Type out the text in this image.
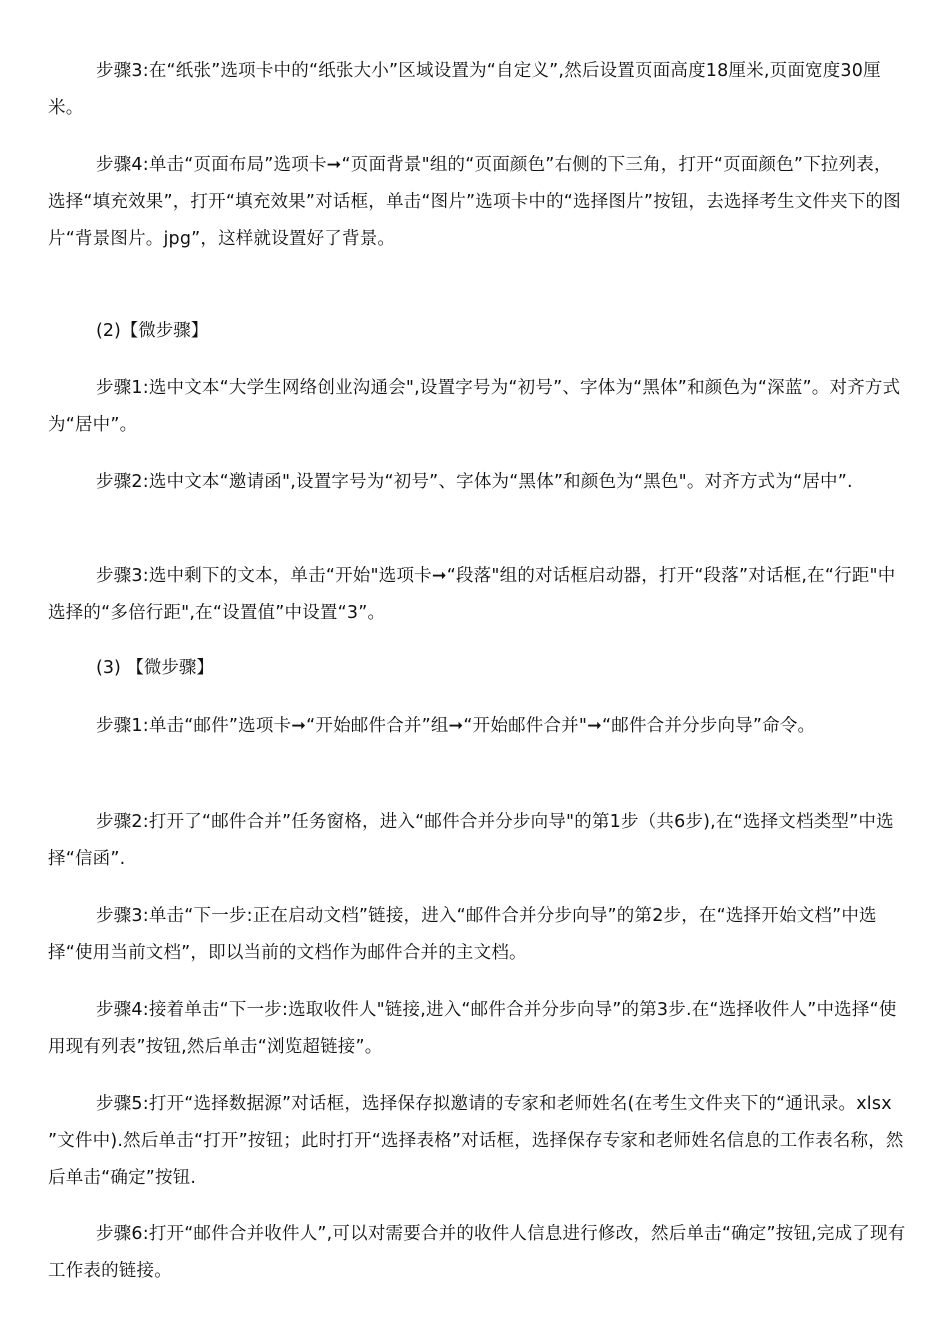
步骤3:在“纸张”选项卡中的“纸张大小”区域设置为“自定义”,然后设置页面高度18厘米,页面宽度30厘米。

步骤4:单击“页面布局”选项卡➞“页面背景"组的“页面颜色”右侧的下三角，打开“页面颜色”下拉列表，选择“填充效果”，打开“填充效果”对话框，单击“图片”选项卡中的“选择图片”按钮，去选择考生文件夹下的图片“背景图片。jpg”，这样就设置好了背景。

(2)【微步骤】

步骤1:选中文本“大学生网络创业沟通会",设置字号为“初号”、字体为“黑体”和颜色为“深蓝”。对齐方式为“居中”。

步骤2:选中文本“邀请函",设置字号为“初号”、字体为“黑体”和颜色为“黑色"。对齐方式为“居中”.

步骤3:选中剩下的文本，单击“开始"选项卡➞“段落"组的对话框启动器，打开“段落”对话框,在“行距"中选择的“多倍行距",在“设置值”中设置“3”。

(3) 【微步骤】

步骤1:单击“邮件”选项卡➞“开始邮件合并”组➞“开始邮件合并"➞“邮件合并分步向导”命令。

步骤2:打开了“邮件合并”任务窗格，进入“邮件合并分步向导"的第1步（共6步),在“选择文档类型”中选择“信函”.

步骤3:单击“下一步:正在启动文档”链接，进入“邮件合并分步向导”的第2步，在“选择开始文档”中选择“使用当前文档”，即以当前的文档作为邮件合并的主文档。

步骤4:接着单击“下一步:选取收件人"链接,进入“邮件合并分步向导”的第3步.在“选择收件人”中选择“使用现有列表”按钮,然后单击“浏览超链接”。

步骤5:打开“选择数据源”对话框，选择保存拟邀请的专家和老师姓名(在考生文件夹下的“通讯录。xlsx ”文件中).然后单击“打开”按钮；此时打开“选择表格”对话框，选择保存专家和老师姓名信息的工作表名称，然后单击“确定”按钮.

步骤6:打开“邮件合并收件人”,可以对需要合并的收件人信息进行修改，然后单击“确定”按钮,完成了现有工作表的链接。
